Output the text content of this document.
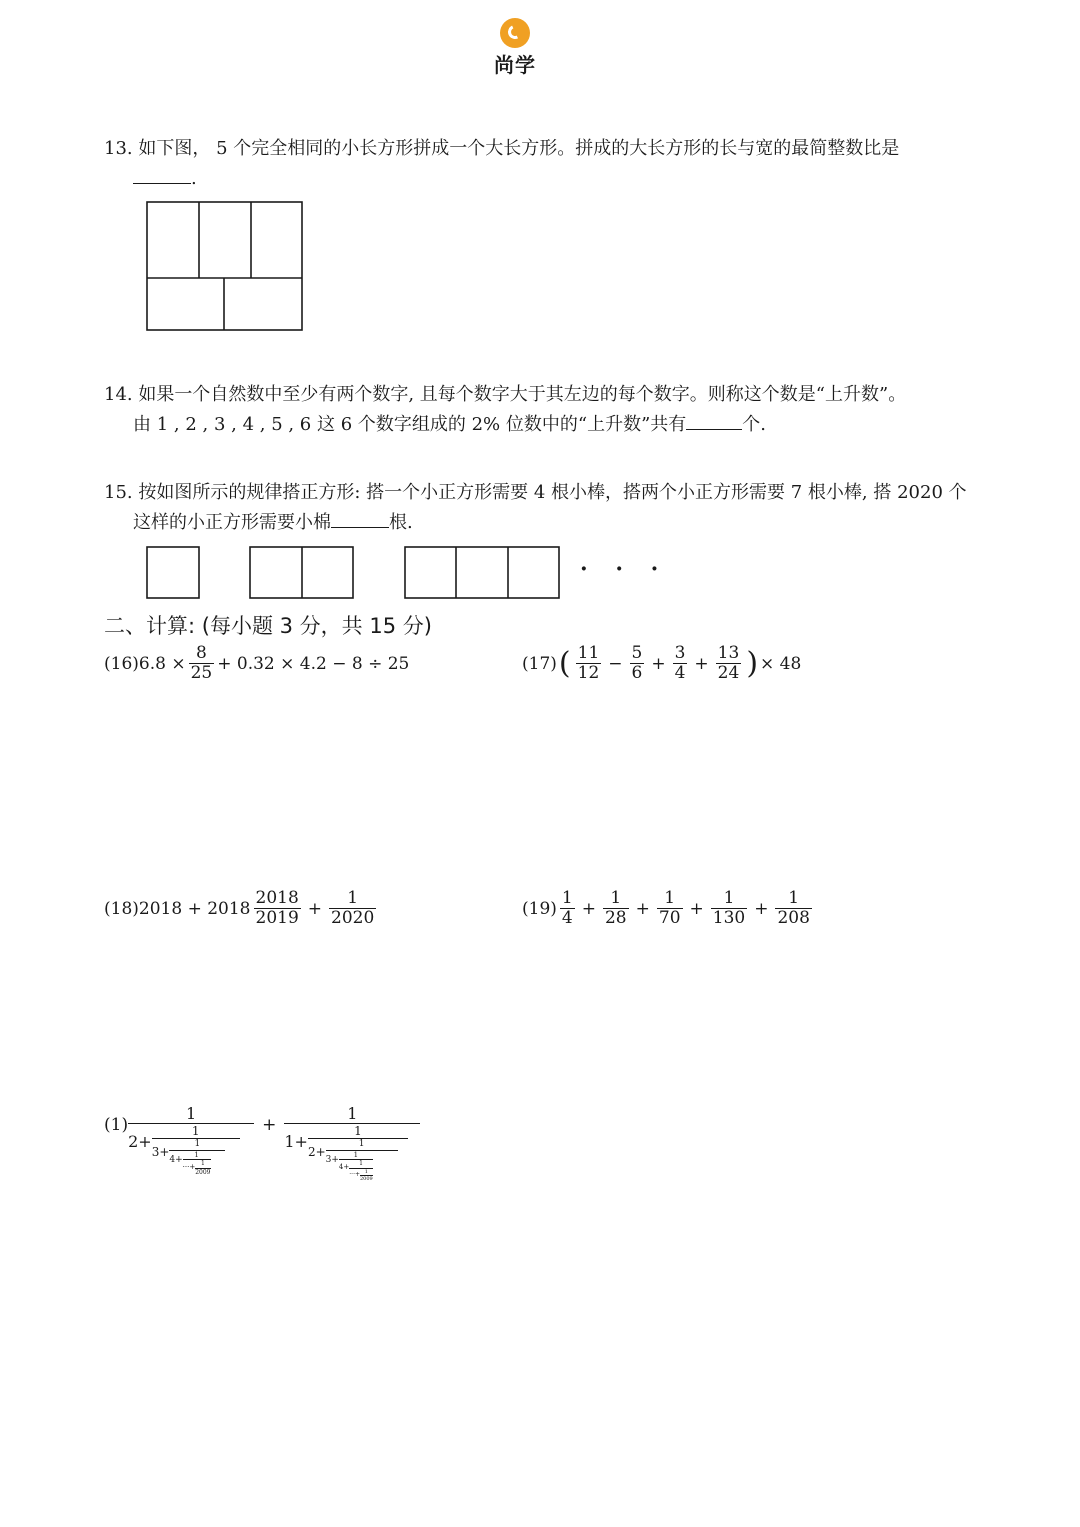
尚学
13. 如下图， 5 个完全相同的小长方形拼成一个大长方形。拼成的大长方形的长与宽的最简整数比是
.
14. 如果一个自然数中至少有两个数字, 且每个数字大于其左边的每个数字。则称这个数是“上升数”。
由 1 , 2 , 3 , 4 , 5 , 6 这 6 个数字组成的 2% 位数中的“上升数”共有	个.
15. 按如图所示的规律搭正方形: 搭一个小正方形需要 4 根小棒，搭两个小正方形需要 7 根小棒, 搭 2020 个
这样的小正方形需要小棉	根.
· · ·
二、计算: (每小题 3 分，共 15 分)
(16) $6.8 \times \frac{8}{25} + 0.32 \times 4.2 - 8 \div 25$	(17) ( $\frac{11}{12} - \frac{5}{6} + \frac{3}{4} + \frac{13}{24}$ ) × 48
(18) $2018 + 2018 \frac{2018}{2019} + \frac{1}{2020}$	$(19) \frac{1}{4} + \frac{1}{28} + \frac{1}{70} + \frac{1}{130} + \frac{1}{208}$
(1)
1
2+
1
3+
1
4+ 1
···+ $\frac{1}{2009}$
+
1
1+
1
2+
1
3+ 1
4+	1
···+ $\frac{1}{2009}$
